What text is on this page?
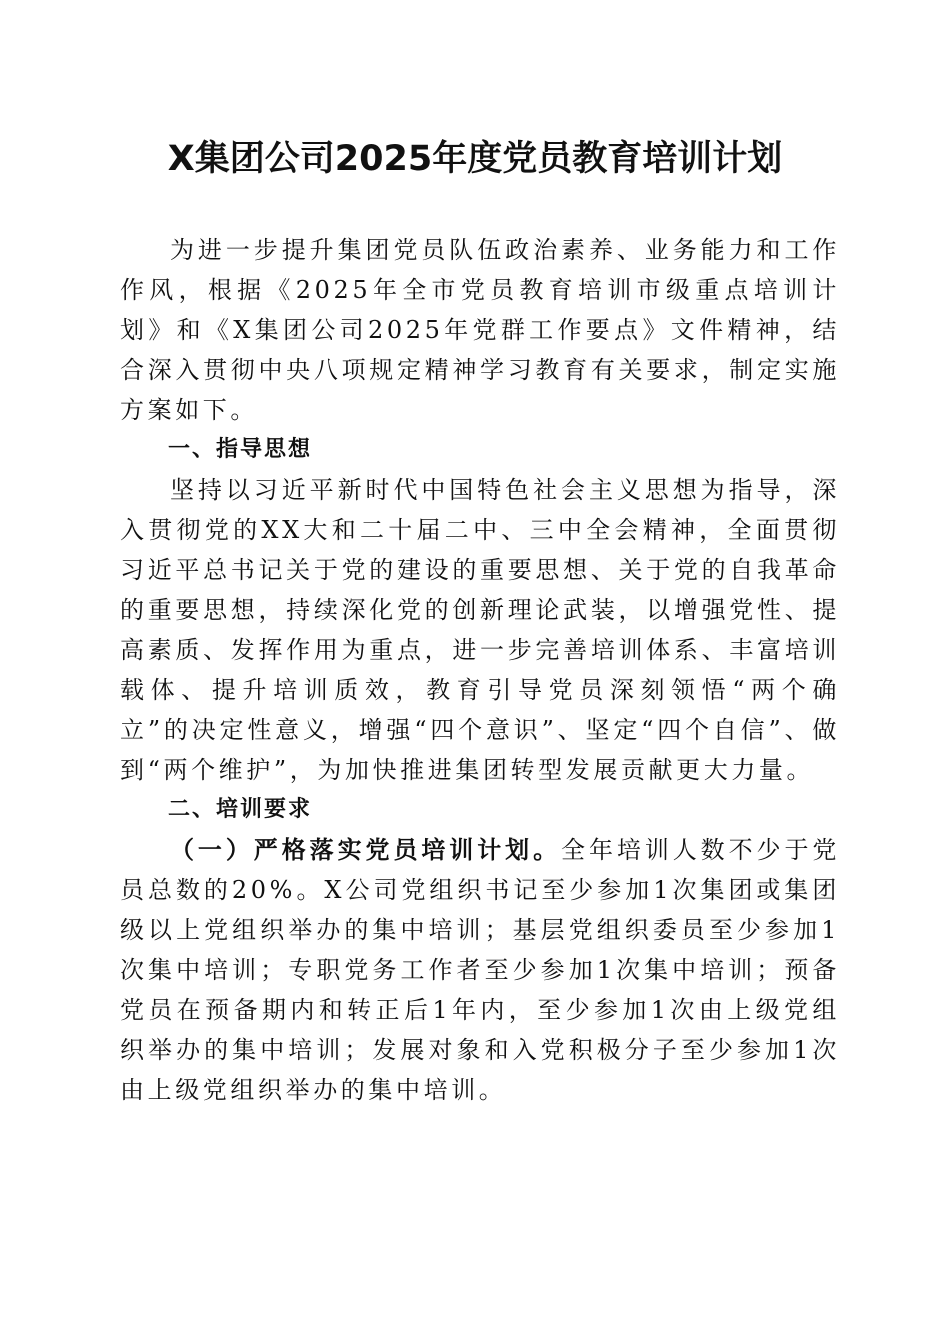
X集团公司2025年度党员教育培训计划

为进一步提升集团党员队伍政治素养、业务能力和工作作风，根据《2025年全市党员教育培训市级重点培训计划》和《X集团公司2025年党群工作要点》文件精神，结合深入贯彻中央八项规定精神学习教育有关要求，制定实施方案如下。

一、指导思想

坚持以习近平新时代中国特色社会主义思想为指导，深入贯彻党的XX大和二十届二中、三中全会精神，全面贯彻习近平总书记关于党的建设的重要思想、关于党的自我革命的重要思想，持续深化党的创新理论武装，以增强党性、提高素质、发挥作用为重点，进一步完善培训体系、丰富培训载体、提升培训质效，教育引导党员深刻领悟“两个确立”的决定性意义，增强“四个意识”、坚定“四个自信”、做到“两个维护”，为加快推进集团转型发展贡献更大力量。

二、培训要求

（一）严格落实党员培训计划。全年培训人数不少于党员总数的20%。X公司党组织书记至少参加1次集团或集团级以上党组织举办的集中培训；基层党组织委员至少参加1次集中培训；专职党务工作者至少参加1次集中培训；预备党员在预备期内和转正后1年内，至少参加1次由上级党组织举办的集中培训；发展对象和入党积极分子至少参加1次由上级党组织举办的集中培训。
